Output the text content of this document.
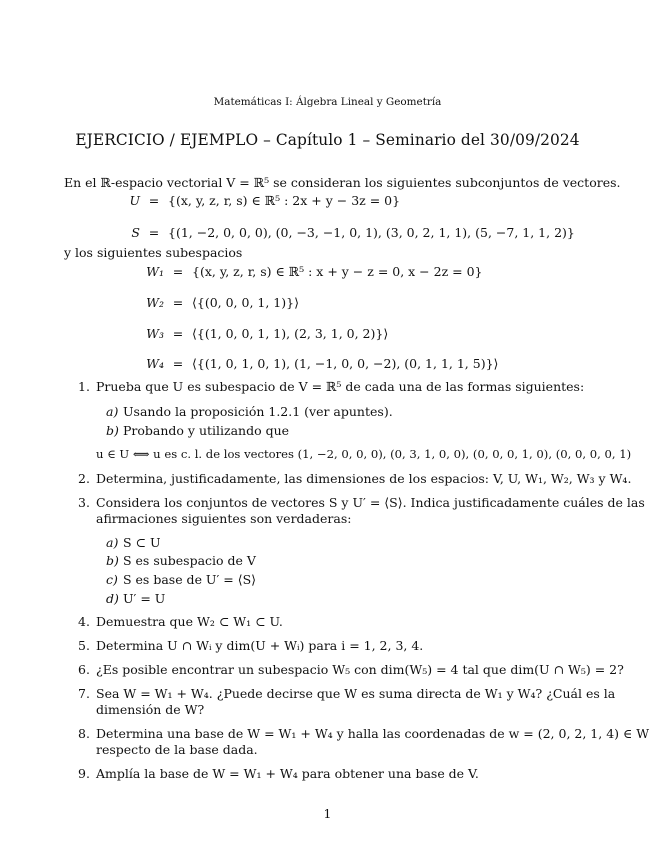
Matemáticas I: Álgebra Lineal y Geometría
EJERCICIO / EJEMPLO – Capítulo 1 – Seminario del 30/09/2024
En el ℝ-espacio vectorial V = ℝ⁵ se consideran los siguientes subconjuntos de vectores.
U = {(x, y, z, r, s) ∈ ℝ⁵ : 2x + y − 3z = 0}
S = {(1, −2, 0, 0, 0), (0, −3, −1, 0, 1), (3, 0, 2, 1, 1), (5, −7, 1, 1, 2)}
y los siguientes subespacios
W₁ = {(x, y, z, r, s) ∈ ℝ⁵ : x + y − z = 0, x − 2z = 0}
W₂ = ⟨{(0, 0, 0, 1, 1)}⟩
W₃ = ⟨{(1, 0, 0, 1, 1), (2, 3, 1, 0, 2)}⟩
W₄ = ⟨{(1, 0, 1, 0, 1), (1, −1, 0, 0, −2), (0, 1, 1, 1, 5)}⟩
1. Prueba que U es subespacio de V = ℝ⁵ de cada una de las formas siguientes:
a) Usando la proposición 1.2.1 (ver apuntes).
b) Probando y utilizando que
u ∈ U ⟺ u es c. l. de los vectores (1, −2, 0, 0, 0), (0, 3, 1, 0, 0), (0, 0, 0, 1, 0), (0, 0, 0, 0, 1)
2. Determina, justificadamente, las dimensiones de los espacios: V, U, W₁, W₂, W₃ y W₄.
3. Considera los conjuntos de vectores S y U′ = ⟨S⟩. Indica justificadamente cuáles de las
afirmaciones siguientes son verdaderas:
a) S ⊂ U
b) S es subespacio de V
c) S es base de U′ = ⟨S⟩
d) U′ = U
4. Demuestra que W₂ ⊂ W₁ ⊂ U.
5. Determina U ∩ Wᵢ y dim(U + Wᵢ) para i = 1, 2, 3, 4.
6. ¿Es posible encontrar un subespacio W₅ con dim(W₅) = 4 tal que dim(U ∩ W₅) = 2?
7. Sea W = W₁ + W₄. ¿Puede decirse que W es suma directa de W₁ y W₄? ¿Cuál es la
dimensión de W?
8. Determina una base de W = W₁ + W₄ y halla las coordenadas de w = (2, 0, 2, 1, 4) ∈ W
respecto de la base dada.
9. Amplía la base de W = W₁ + W₄ para obtener una base de V.
1
